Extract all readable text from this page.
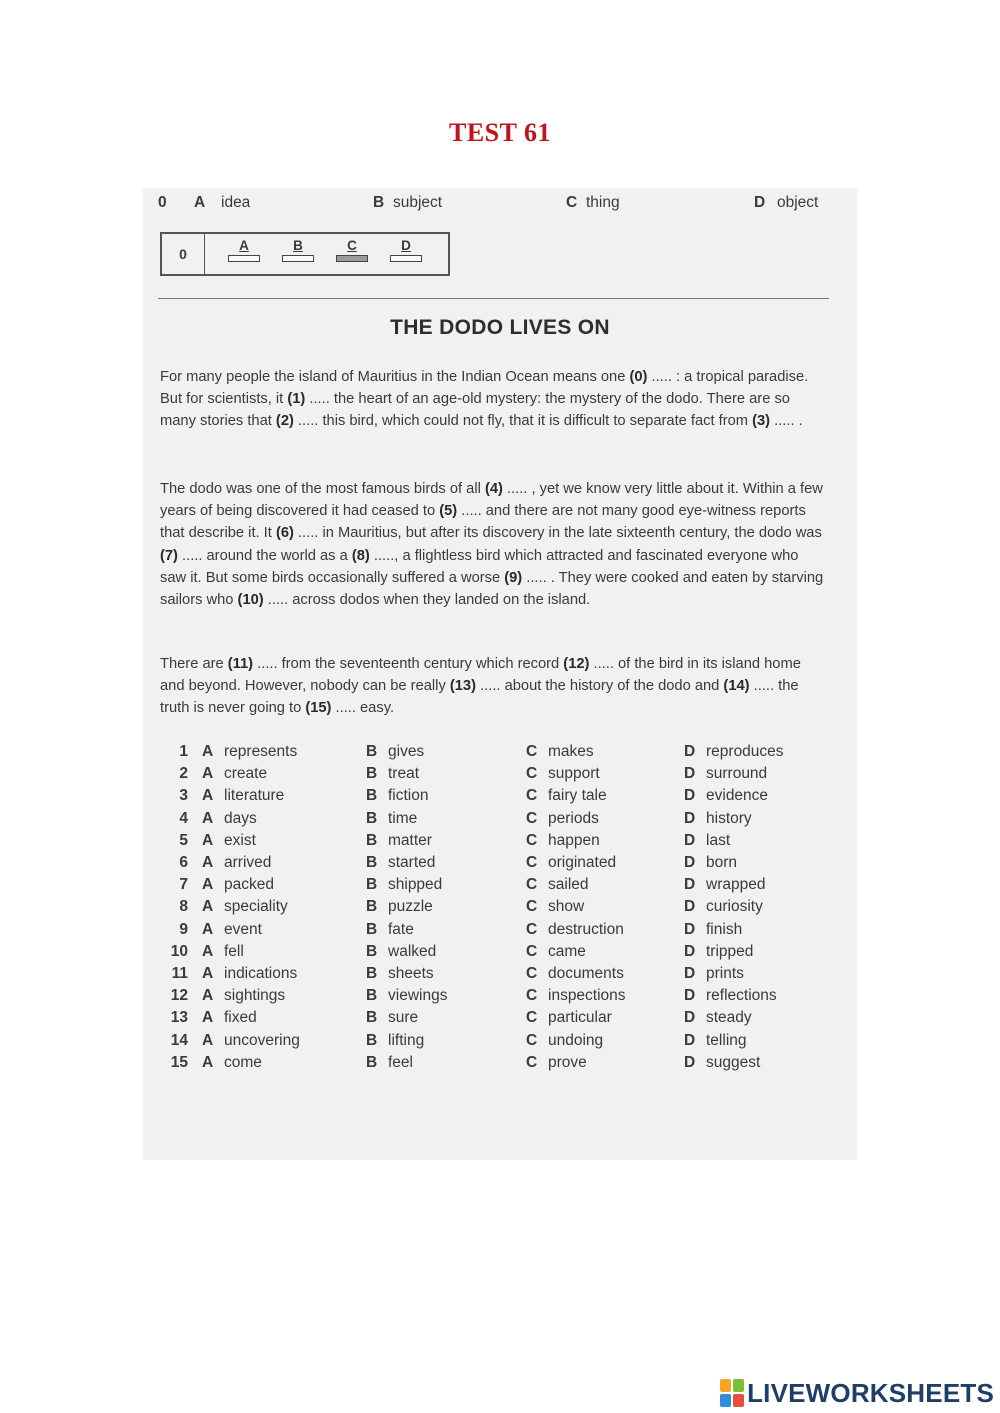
TEST 61
0 A idea	B subject	C thing	D object
0
A	B	C	D
THE DODO LIVES ON

For many people the island of Mauritius in the Indian Ocean means one (0) ..... : a tropical paradise. But for scientists, it (1) ..... the heart of an age-old mystery: the mystery of the dodo. There are so many stories that (2) ..... this bird, which could not fly, that it is difficult to separate fact from (3) ..... .

The dodo was one of the most famous birds of all (4) ..... , yet we know very little about it. Within a few years of being discovered it had ceased to (5) ..... and there are not many good eye-witness reports that describe it. It (6) ..... in Mauritius, but after its discovery in the late sixteenth century, the dodo was (7) ..... around the world as a (8) ....., a flightless bird which attracted and fascinated everyone who saw it. But some birds occasionally suffered a worse (9) ..... . They were cooked and eaten by starving sailors who (10) ..... across dodos when they landed on the island.

There are (11) ..... from the seventeenth century which record (12) ..... of the bird in its island home and beyond. However, nobody can be really (13) ..... about the history of the dodo and (14) ..... the truth is never going to (15) ..... easy.

1	A	represents	B	gives	C	makes	D	reproduces
2	A	create	B	treat	C	support	D	surround
3	A	literature	B	fiction	C	fairy tale	D	evidence
4	A	days	B	time	C	periods	D	history
5	A	exist	B	matter	C	happen	D	last
6	A	arrived	B	started	C	originated	D	born
7	A	packed	B	shipped	C	sailed	D	wrapped
8	A	speciality	B	puzzle	C	show	D	curiosity
9	A	event	B	fate	C	destruction	D	finish
10	A	fell	B	walked	C	came	D	tripped
11	A	indications	B	sheets	C	documents	D	prints
12	A	sightings	B	viewings	C	inspections	D	reflections
13	A	fixed	B	sure	C	particular	D	steady
14	A	uncovering	B	lifting	C	undoing	D	telling
15	A	come	B	feel	C	prove	D	suggest
LIVEWORKSHEETS
